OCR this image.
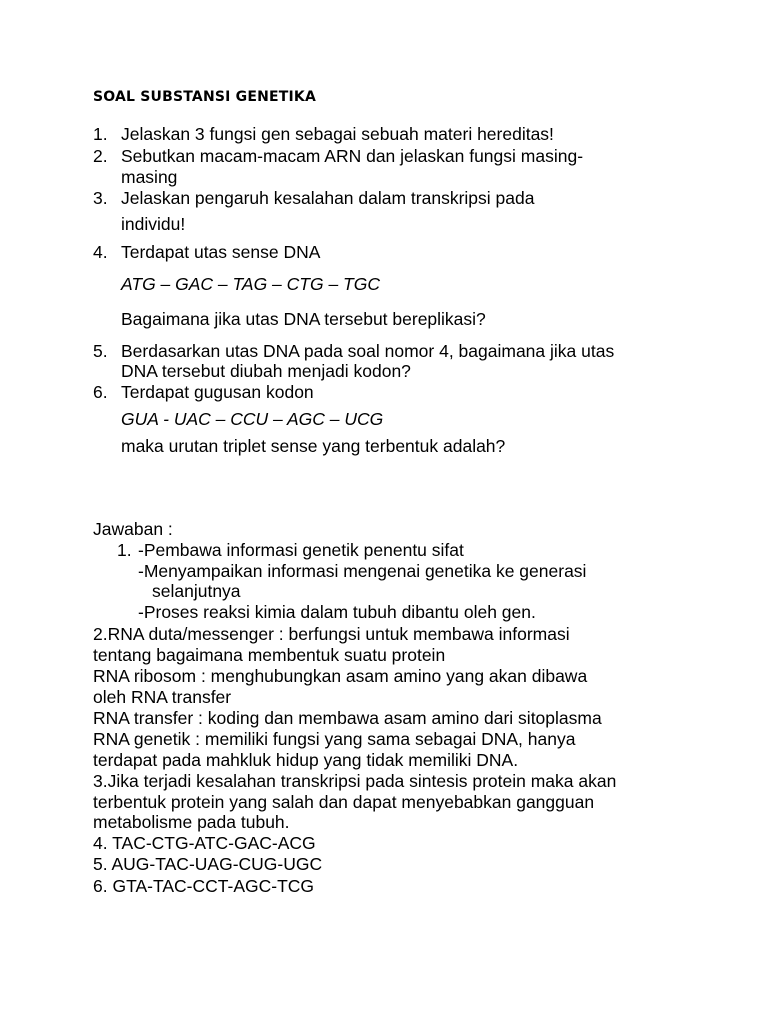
SOAL SUBSTANSI GENETIKA
1. Jelaskan 3 fungsi gen sebagai sebuah materi hereditas!
2. Sebutkan macam-macam ARN dan jelaskan fungsi masing-
masing
3. Jelaskan pengaruh kesalahan dalam transkripsi pada
individu!
4. Terdapat utas sense DNA
ATG – GAC – TAG – CTG – TGC
Bagaimana jika utas DNA tersebut bereplikasi?
5. Berdasarkan utas DNA pada soal nomor 4, bagaimana jika utas
DNA tersebut diubah menjadi kodon?
6. Terdapat gugusan kodon
GUA - UAC – CCU – AGC – UCG
maka urutan triplet sense yang terbentuk adalah?
Jawaban :
1. -Pembawa informasi genetik penentu sifat
-Menyampaikan informasi mengenai genetika ke generasi
selanjutnya
-Proses reaksi kimia dalam tubuh dibantu oleh gen.
2.RNA duta/messenger : berfungsi untuk membawa informasi
tentang bagaimana membentuk suatu protein
RNA ribosom : menghubungkan asam amino yang akan dibawa
oleh RNA transfer
RNA transfer : koding dan membawa asam amino dari sitoplasma
RNA genetik : memiliki fungsi yang sama sebagai DNA, hanya
terdapat pada mahkluk hidup yang tidak memiliki DNA.
3.Jika terjadi kesalahan transkripsi pada sintesis protein maka akan
terbentuk protein yang salah dan dapat menyebabkan gangguan
metabolisme pada tubuh.
4. TAC-CTG-ATC-GAC-ACG
5. AUG-TAC-UAG-CUG-UGC
6. GTA-TAC-CCT-AGC-TCG
